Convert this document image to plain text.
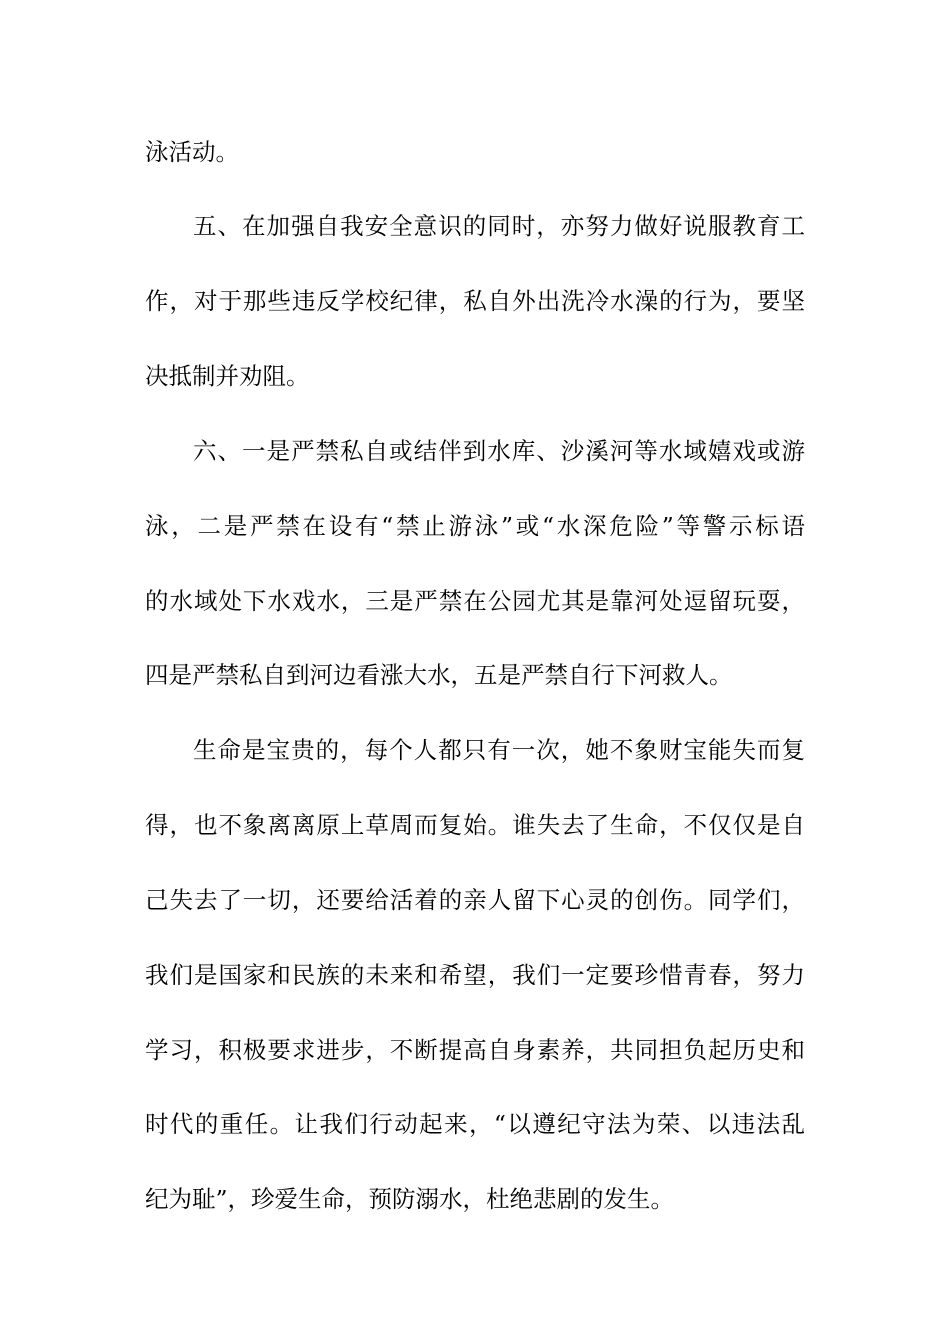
泳活动。
五、在加强自我安全意识的同时，亦努力做好说服教育工
作，对于那些违反学校纪律，私自外出洗冷水澡的行为，要坚
决抵制并劝阻。
六、一是严禁私自或结伴到水库、沙溪河等水域嬉戏或游
泳，二是严禁在设有“禁止游泳”或“水深危险”等警示标语
的水域处下水戏水，三是严禁在公园尤其是靠河处逗留玩耍，
四是严禁私自到河边看涨大水，五是严禁自行下河救人。
生命是宝贵的，每个人都只有一次，她不象财宝能失而复
得，也不象离离原上草周而复始。谁失去了生命，不仅仅是自
己失去了一切，还要给活着的亲人留下心灵的创伤。同学们，
我们是国家和民族的未来和希望，我们一定要珍惜青春，努力
学习，积极要求进步，不断提高自身素养，共同担负起历史和
时代的重任。让我们行动起来，“以遵纪守法为荣、以违法乱
纪为耻”，珍爱生命，预防溺水，杜绝悲剧的发生。
